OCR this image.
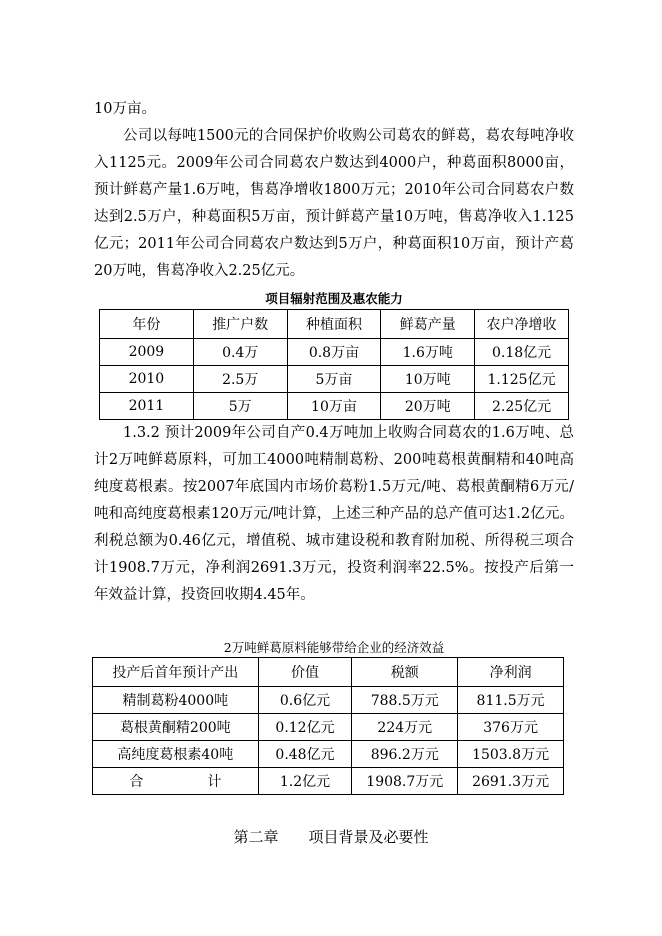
10万亩。

公司以每吨1500元的合同保护价收购公司葛农的鲜葛，葛农每吨净收入1125元。2009年公司合同葛农户数达到4000户，种葛面积8000亩，预计鲜葛产量1.6万吨，售葛净增收1800万元；2010年公司合同葛农户数达到2.5万户，种葛面积5万亩，预计鲜葛产量10万吨，售葛净收入1.125亿元；2011年公司合同葛农户数达到5万户，种葛面积10万亩，预计产葛20万吨，售葛净收入2.25亿元。

项目辐射范围及惠农能力
年份	推广户数	种植面积	鲜葛产量	农户净增收
2009	0.4万	0.8万亩	1.6万吨	0.18亿元
2010	2.5万	5万亩	10万吨	1.125亿元
2011	5万	10万亩	20万吨	2.25亿元

1.3.2 预计2009年公司自产0.4万吨加上收购合同葛农的1.6万吨、总计2万吨鲜葛原料，可加工4000吨精制葛粉、200吨葛根黄酮精和40吨高纯度葛根素。按2007年底国内市场价葛粉1.5万元/吨、葛根黄酮精6万元/吨和高纯度葛根素120万元/吨计算，上述三种产品的总产值可达1.2亿元。利税总额为0.46亿元，增值税、城市建设税和教育附加税、所得税三项合计1908.7万元，净利润2691.3万元，投资利润率22.5%。按投产后第一年效益计算，投资回收期4.45年。

2万吨鲜葛原料能够带给企业的经济效益
投产后首年预计产出	价值	税额	净利润
精制葛粉4000吨	0.6亿元	788.5万元	811.5万元
葛根黄酮精200吨	0.12亿元	224万元	376万元
高纯度葛根素40吨	0.48亿元	896.2万元	1503.8万元
合 计	1.2亿元	1908.7万元	2691.3万元
第二章 项目背景及必要性
